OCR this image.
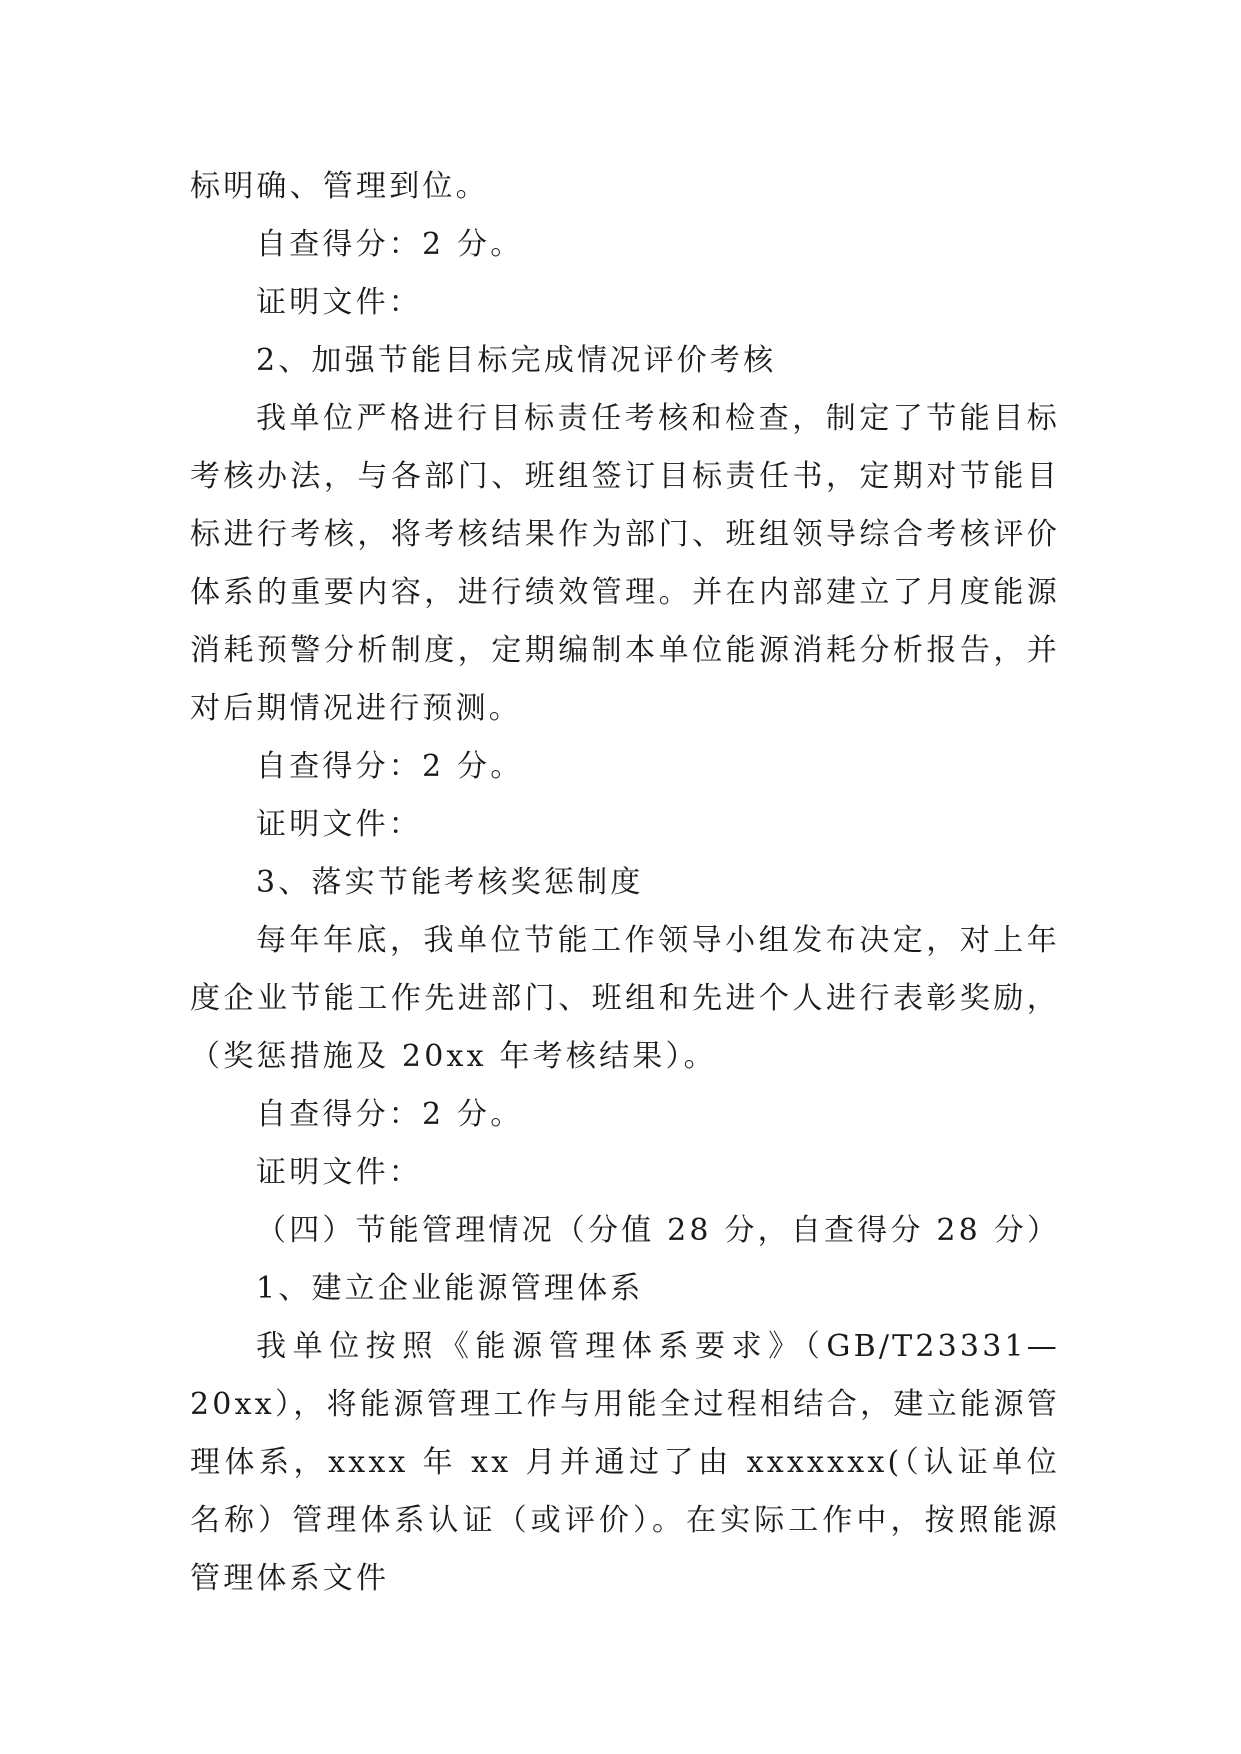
标明确、管理到位。

自查得分：2 分。

证明文件：

2、加强节能目标完成情况评价考核

我单位严格进行目标责任考核和检查，制定了节能目标考核办法，与各部门、班组签订目标责任书，定期对节能目标进行考核，将考核结果作为部门、班组领导综合考核评价体系的重要内容，进行绩效管理。并在内部建立了月度能源消耗预警分析制度，定期编制本单位能源消耗分析报告，并对后期情况进行预测。

自查得分：2 分。

证明文件：

3、落实节能考核奖惩制度

每年年底，我单位节能工作领导小组发布决定，对上年度企业节能工作先进部门、班组和先进个人进行表彰奖励，（奖惩措施及 20xx 年考核结果）。

自查得分：2 分。

证明文件：

（四）节能管理情况（分值 28 分，自查得分 28 分）

1、建立企业能源管理体系

我单位按照《能源管理体系要求》（GB/T23331—20xx），将能源管理工作与用能全过程相结合，建立能源管理体系，xxxx 年 xx 月并通过了由 xxxxxxx(（认证单位名称）管理体系认证（或评价）。在实际工作中，按照能源管理体系文件
